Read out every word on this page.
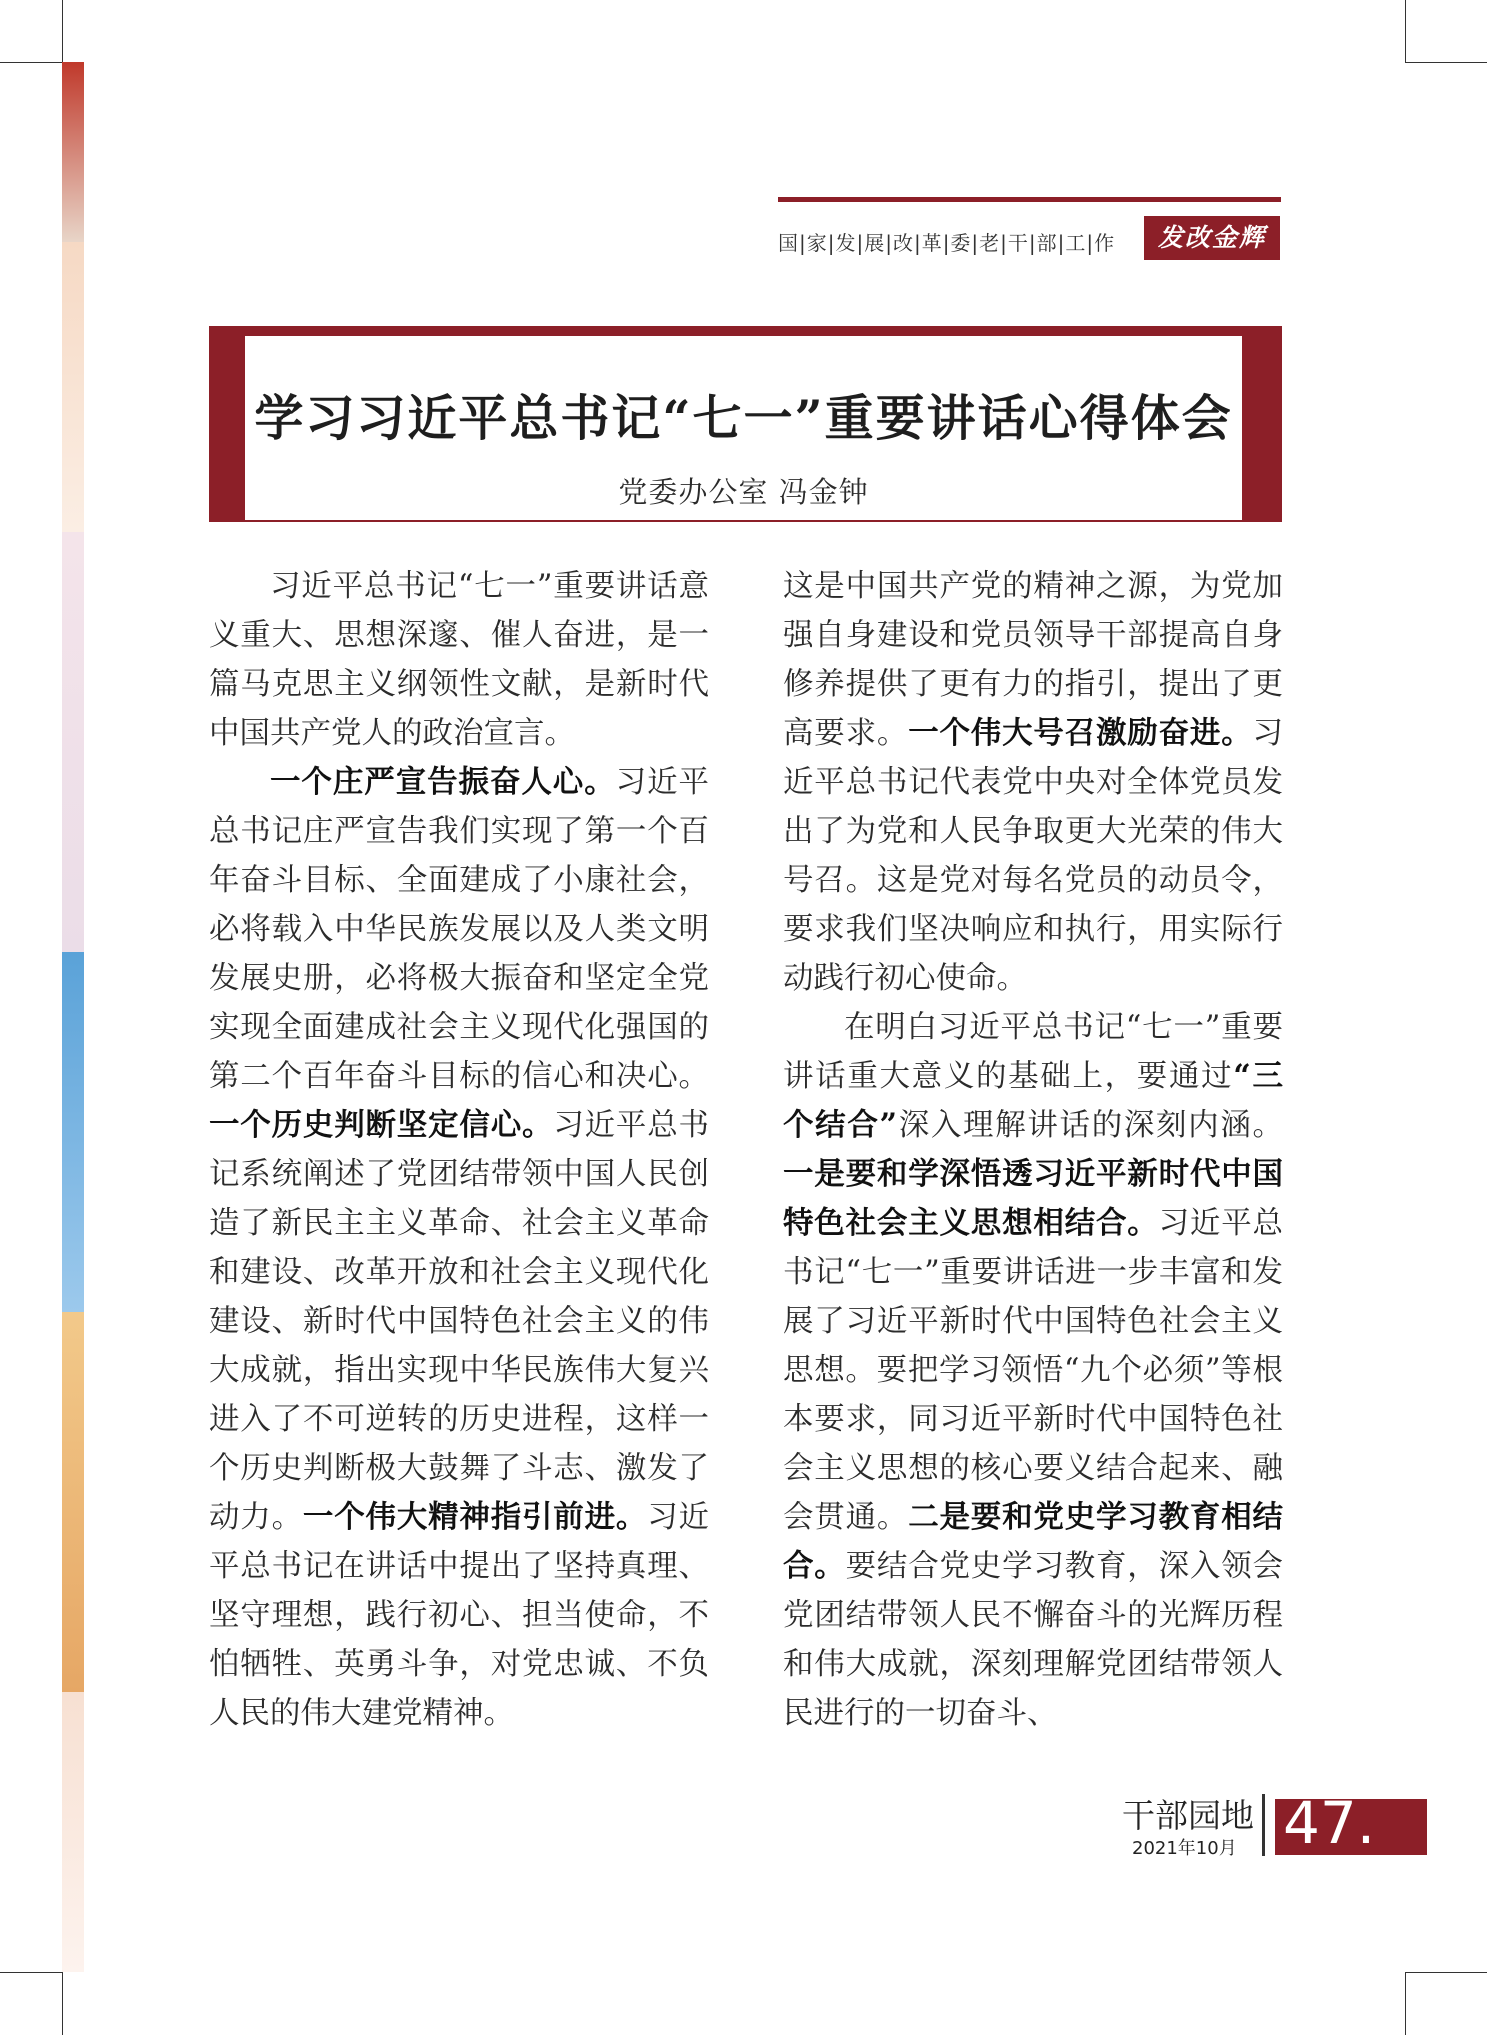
国|家|发|展|改|革|委|老|干|部|工|作	发改金辉
学习习近平总书记“七一”重要讲话心得体会
党委办公室 冯金钟

习近平总书记“七一”重要讲话意义重大、思想深邃、催人奋进，是一篇马克思主义纲领性文献，是新时代中国共产党人的政治宣言。

一个庄严宣告振奋人心。习近平总书记庄严宣告我们实现了第一个百年奋斗目标、全面建成了小康社会，必将载入中华民族发展以及人类文明发展史册，必将极大振奋和坚定全党实现全面建成社会主义现代化强国的第二个百年奋斗目标的信心和决心。一个历史判断坚定信心。习近平总书记系统阐述了党团结带领中国人民创造了新民主主义革命、社会主义革命和建设、改革开放和社会主义现代化建设、新时代中国特色社会主义的伟大成就，指出实现中华民族伟大复兴进入了不可逆转的历史进程，这样一个历史判断极大鼓舞了斗志、激发了动力。一个伟大精神指引前进。习近平总书记在讲话中提出了坚持真理、坚守理想，践行初心、担当使命，不怕牺牲、英勇斗争，对党忠诚、不负人民的伟大建党精神。

这是中国共产党的精神之源，为党加强自身建设和党员领导干部提高自身修养提供了更有力的指引，提出了更高要求。一个伟大号召激励奋进。习近平总书记代表党中央对全体党员发出了为党和人民争取更大光荣的伟大号召。这是党对每名党员的动员令，要求我们坚决响应和执行，用实际行动践行初心使命。

在明白习近平总书记“七一”重要讲话重大意义的基础上，要通过“三个结合”深入理解讲话的深刻内涵。一是要和学深悟透习近平新时代中国特色社会主义思想相结合。习近平总书记“七一”重要讲话进一步丰富和发展了习近平新时代中国特色社会主义思想。要把学习领悟“九个必须”等根本要求，同习近平新时代中国特色社会主义思想的核心要义结合起来、融会贯通。二是要和党史学习教育相结合。要结合党史学习教育，深入领会党团结带领人民不懈奋斗的光辉历程和伟大成就，深刻理解党团结带领人民进行的一切奋斗、

干部园地
2021年10月 47.
